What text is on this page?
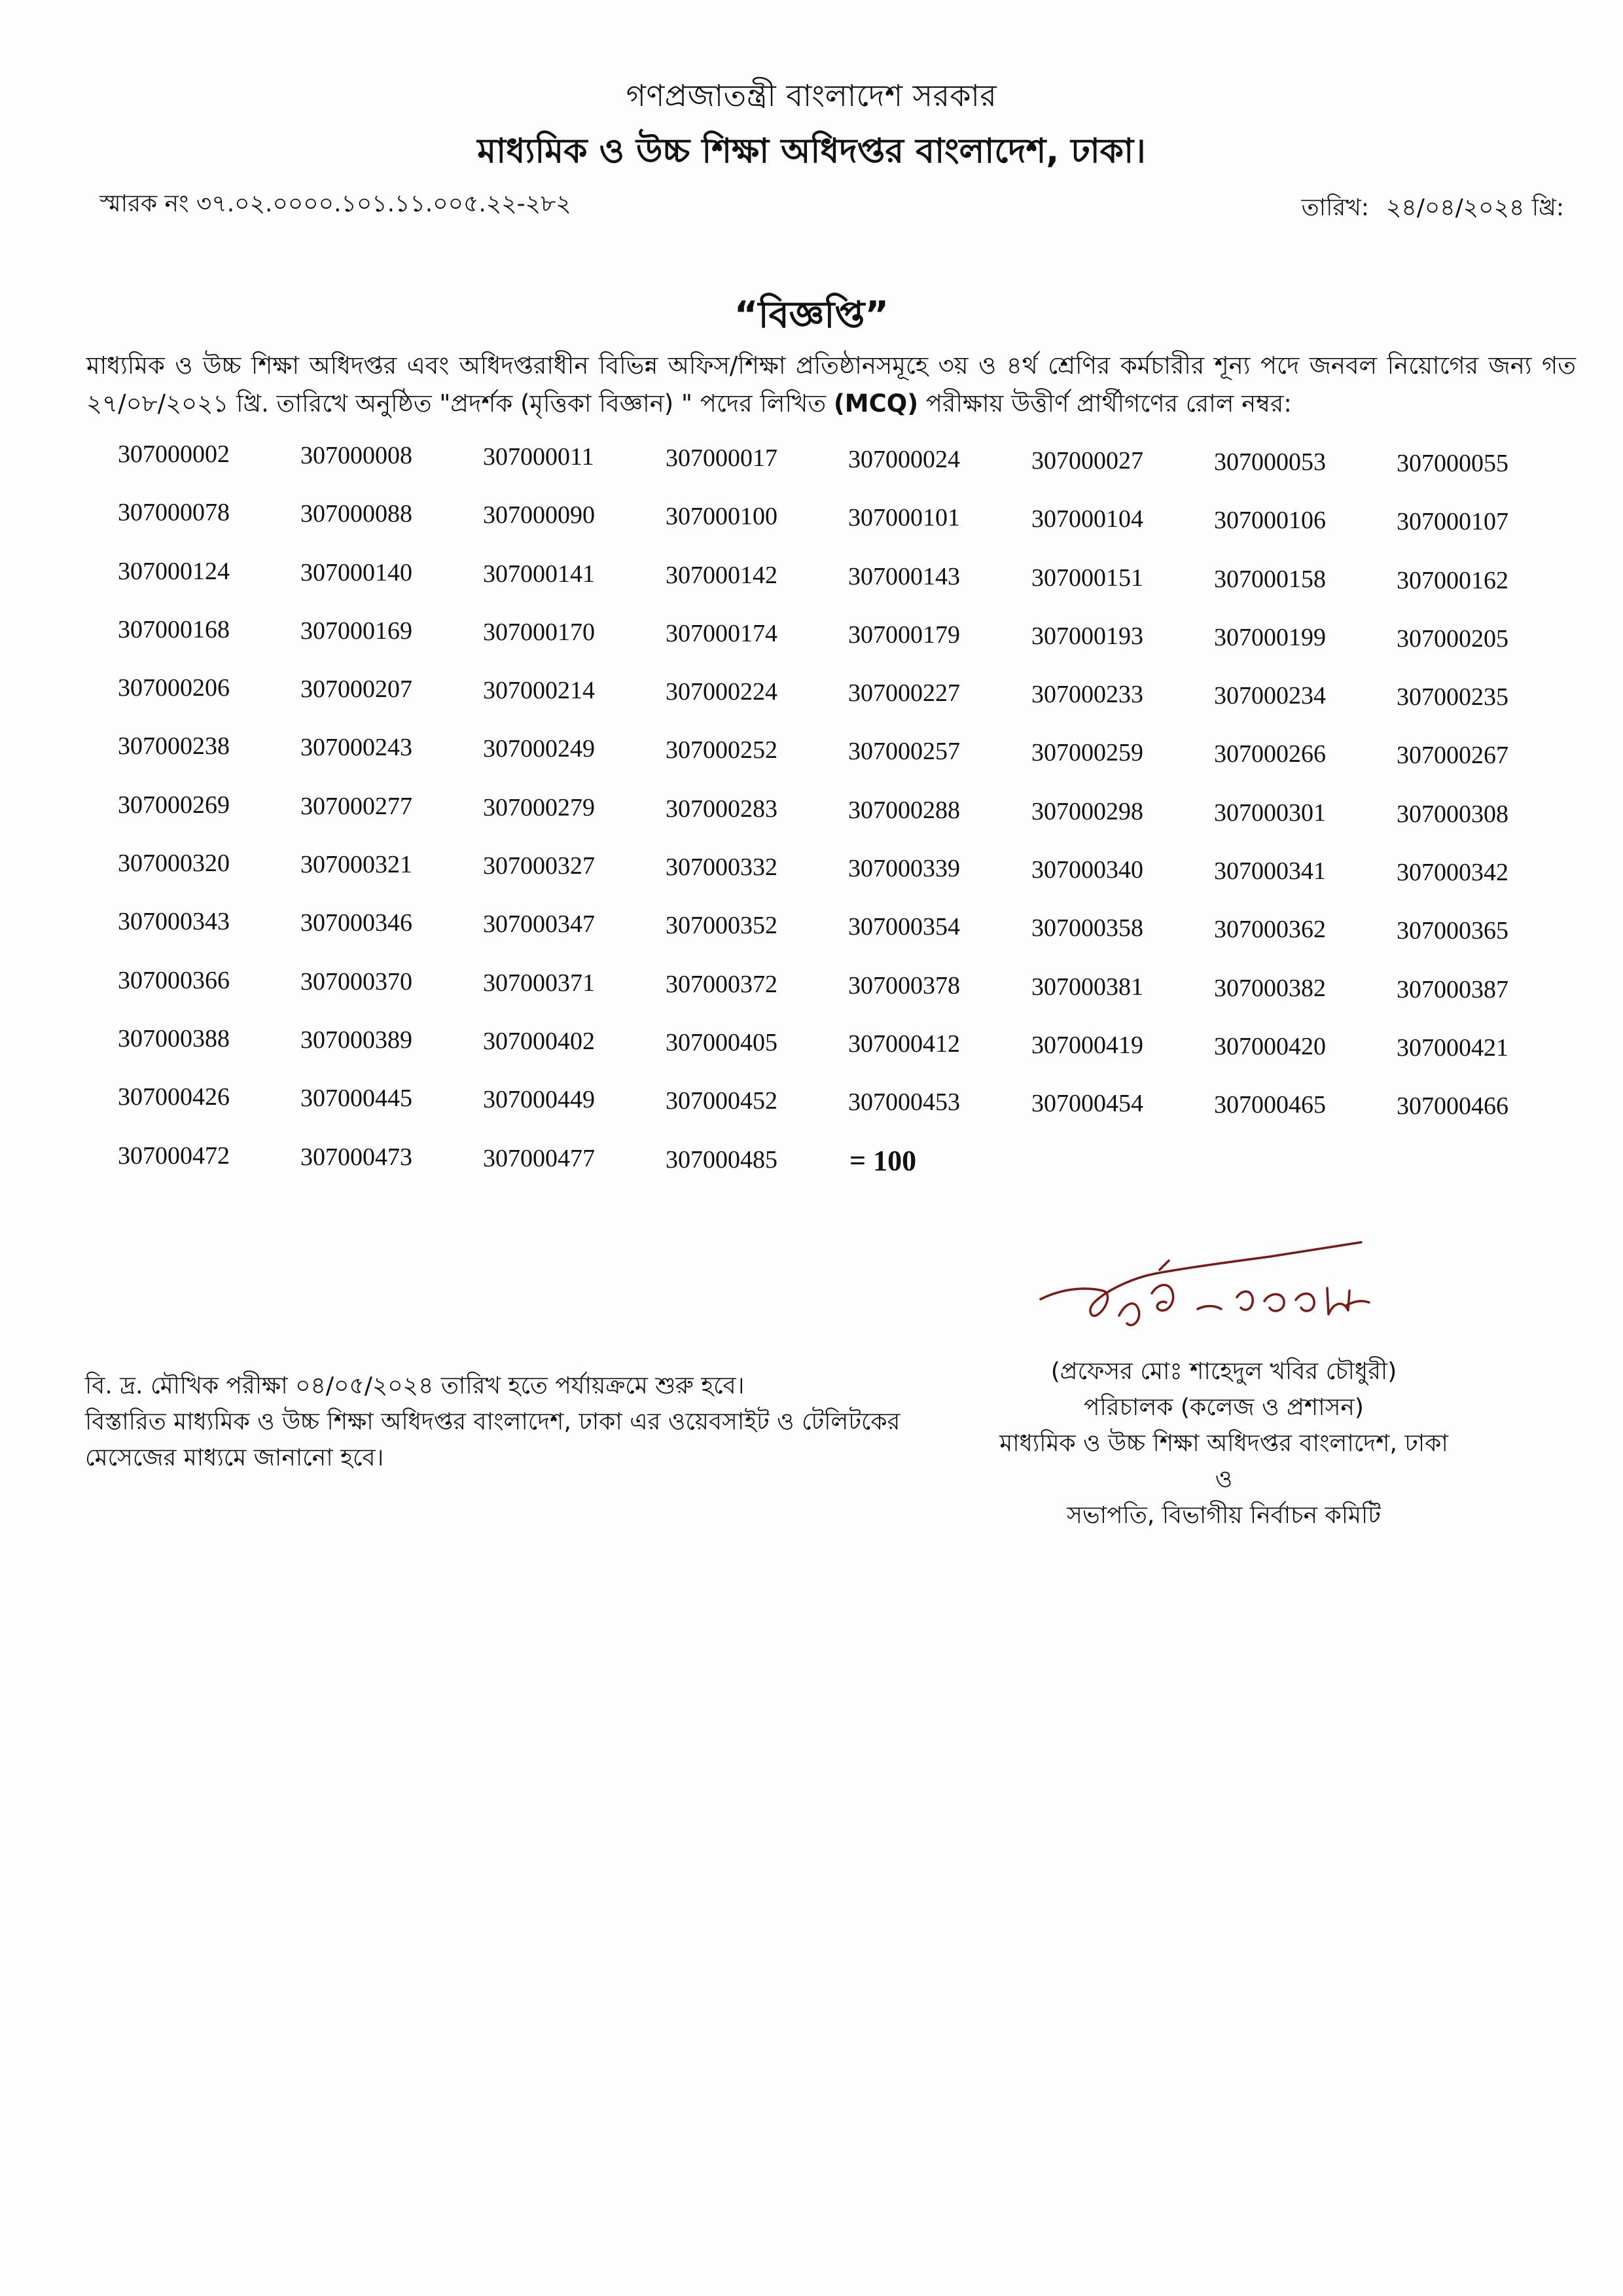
গণপ্রজাতন্ত্রী বাংলাদেশ সরকার
মাধ্যমিক ও উচ্চ শিক্ষা অধিদপ্তর বাংলাদেশ, ঢাকা।
স্মারক নং ৩৭.০২.০০০০.১০১.১১.০০৫.২২-২৮২	তারিখ: ২৪/০৪/২০২৪ খ্রি:
“বিজ্ঞপ্তি”
মাধ্যমিক ও উচ্চ শিক্ষা অধিদপ্তর এবং অধিদপ্তরাধীন বিভিন্ন অফিস/শিক্ষা প্রতিষ্ঠানসমূহে ৩য় ও ৪র্থ শ্রেণির কর্মচারীর শূন্য পদে জনবল নিয়োগের জন্য গত ২৭/০৮/২০২১ খ্রি. তারিখে অনুষ্ঠিত "প্রদর্শক (মৃত্তিকা বিজ্ঞান) " পদের লিখিত (MCQ) পরীক্ষায় উত্তীর্ণ প্রার্থীগণের রোল নম্বর:
307000002	307000008	307000011	307000017	307000024	307000027	307000053	307000055
307000078	307000088	307000090	307000100	307000101	307000104	307000106	307000107
307000124	307000140	307000141	307000142	307000143	307000151	307000158	307000162
307000168	307000169	307000170	307000174	307000179	307000193	307000199	307000205
307000206	307000207	307000214	307000224	307000227	307000233	307000234	307000235
307000238	307000243	307000249	307000252	307000257	307000259	307000266	307000267
307000269	307000277	307000279	307000283	307000288	307000298	307000301	307000308
307000320	307000321	307000327	307000332	307000339	307000340	307000341	307000342
307000343	307000346	307000347	307000352	307000354	307000358	307000362	307000365
307000366	307000370	307000371	307000372	307000378	307000381	307000382	307000387
307000388	307000389	307000402	307000405	307000412	307000419	307000420	307000421
307000426	307000445	307000449	307000452	307000453	307000454	307000465	307000466
307000472	307000473	307000477	307000485	= 100
(প্রফেসর মোঃ শাহেদুল খবির চৌধুরী)
পরিচালক (কলেজ ও প্রশাসন)
মাধ্যমিক ও উচ্চ শিক্ষা অধিদপ্তর বাংলাদেশ, ঢাকা
ও
সভাপতি, বিভাগীয় নির্বাচন কমিটি
বি. দ্র. মৌখিক পরীক্ষা ০৪/০৫/২০২৪ তারিখ হতে পর্যায়ক্রমে শুরু হবে।
বিস্তারিত মাধ্যমিক ও উচ্চ শিক্ষা অধিদপ্তর বাংলাদেশ, ঢাকা এর ওয়েবসাইট ও টেলিটকের
মেসেজের মাধ্যমে জানানো হবে।
